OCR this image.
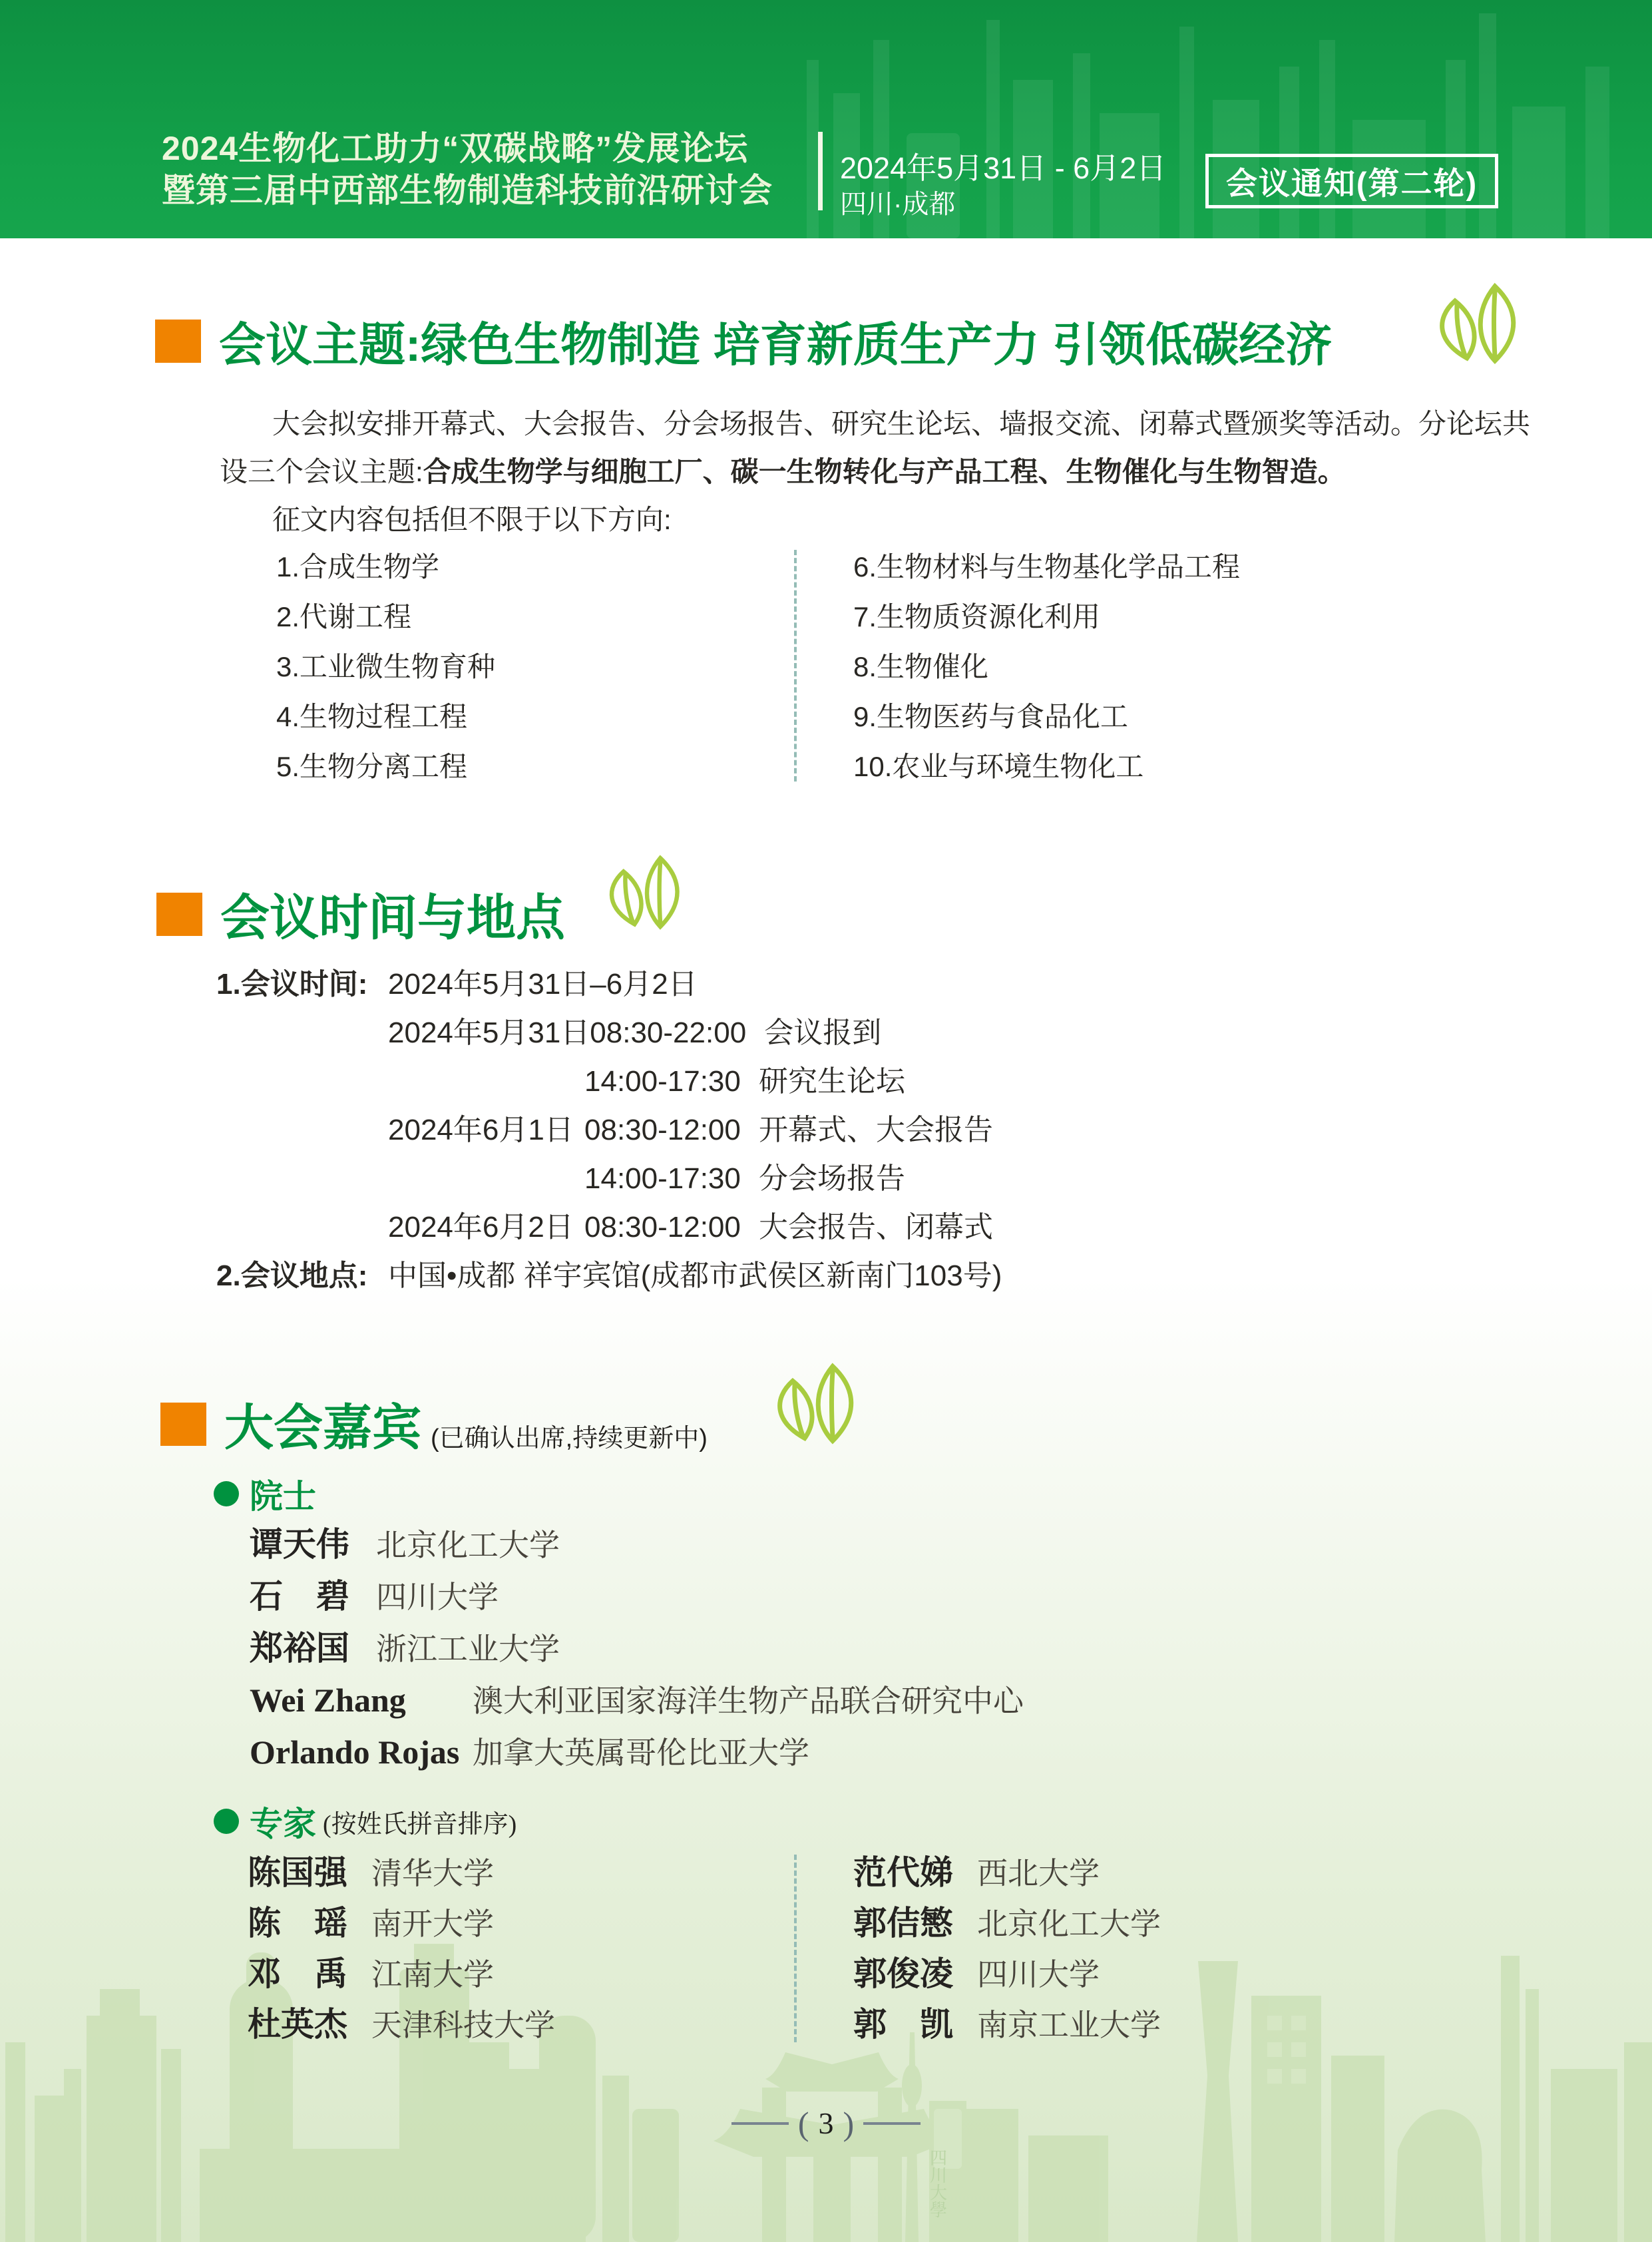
2024生物化工助力“双碳战略”发展论坛
暨第三届中西部生物制造科技前沿研讨会
2024年5月31日 - 6月2日
四川·成都
会议通知(第二轮)
会议主题:绿色生物制造 培育新质生产力 引领低碳经济
大会拟安排开幕式、大会报告、分会场报告、研究生论坛、墙报交流、闭幕式暨颁奖等活动。分论坛共
设三个会议主题:合成生物学与细胞工厂、碳一生物转化与产品工程、生物催化与生物智造。
征文内容包括但不限于以下方向:
1.合成生物学
2.代谢工程
3.工业微生物育种
4.生物过程工程
5.生物分离工程
6.生物材料与生物基化学品工程
7.生物质资源化利用
8.生物催化
9.生物医药与食品化工
10.农业与环境生物化工
会议时间与地点
1.会议时间: 2024年5月31日–6月2日
2024年5月31日 08:30-22:00 会议报到
14:00-17:30 研究生论坛
2024年6月1日 08:30-12:00 开幕式、大会报告
14:00-17:30 分会场报告
2024年6月2日 08:30-12:00 大会报告、闭幕式
2.会议地点: 中国•成都 祥宇宾馆(成都市武侯区新南门103号)
大会嘉宾 (已确认出席,持续更新中)
院士
谭天伟 北京化工大学
石　碧 四川大学
郑裕国 浙江工业大学
Wei Zhang	澳大利亚国家海洋生物产品联合研究中心
Orlando Rojas 加拿大英属哥伦比亚大学
专家 (按姓氏拼音排序)
陈国强 清华大学
陈　瑶 南开大学
邓　禹 江南大学
杜英杰 天津科技大学
范代娣 西北大学
郭佶慜 北京化工大学
郭俊凌 四川大学
郭　凯 南京工业大学
( 3 )
四川大學
